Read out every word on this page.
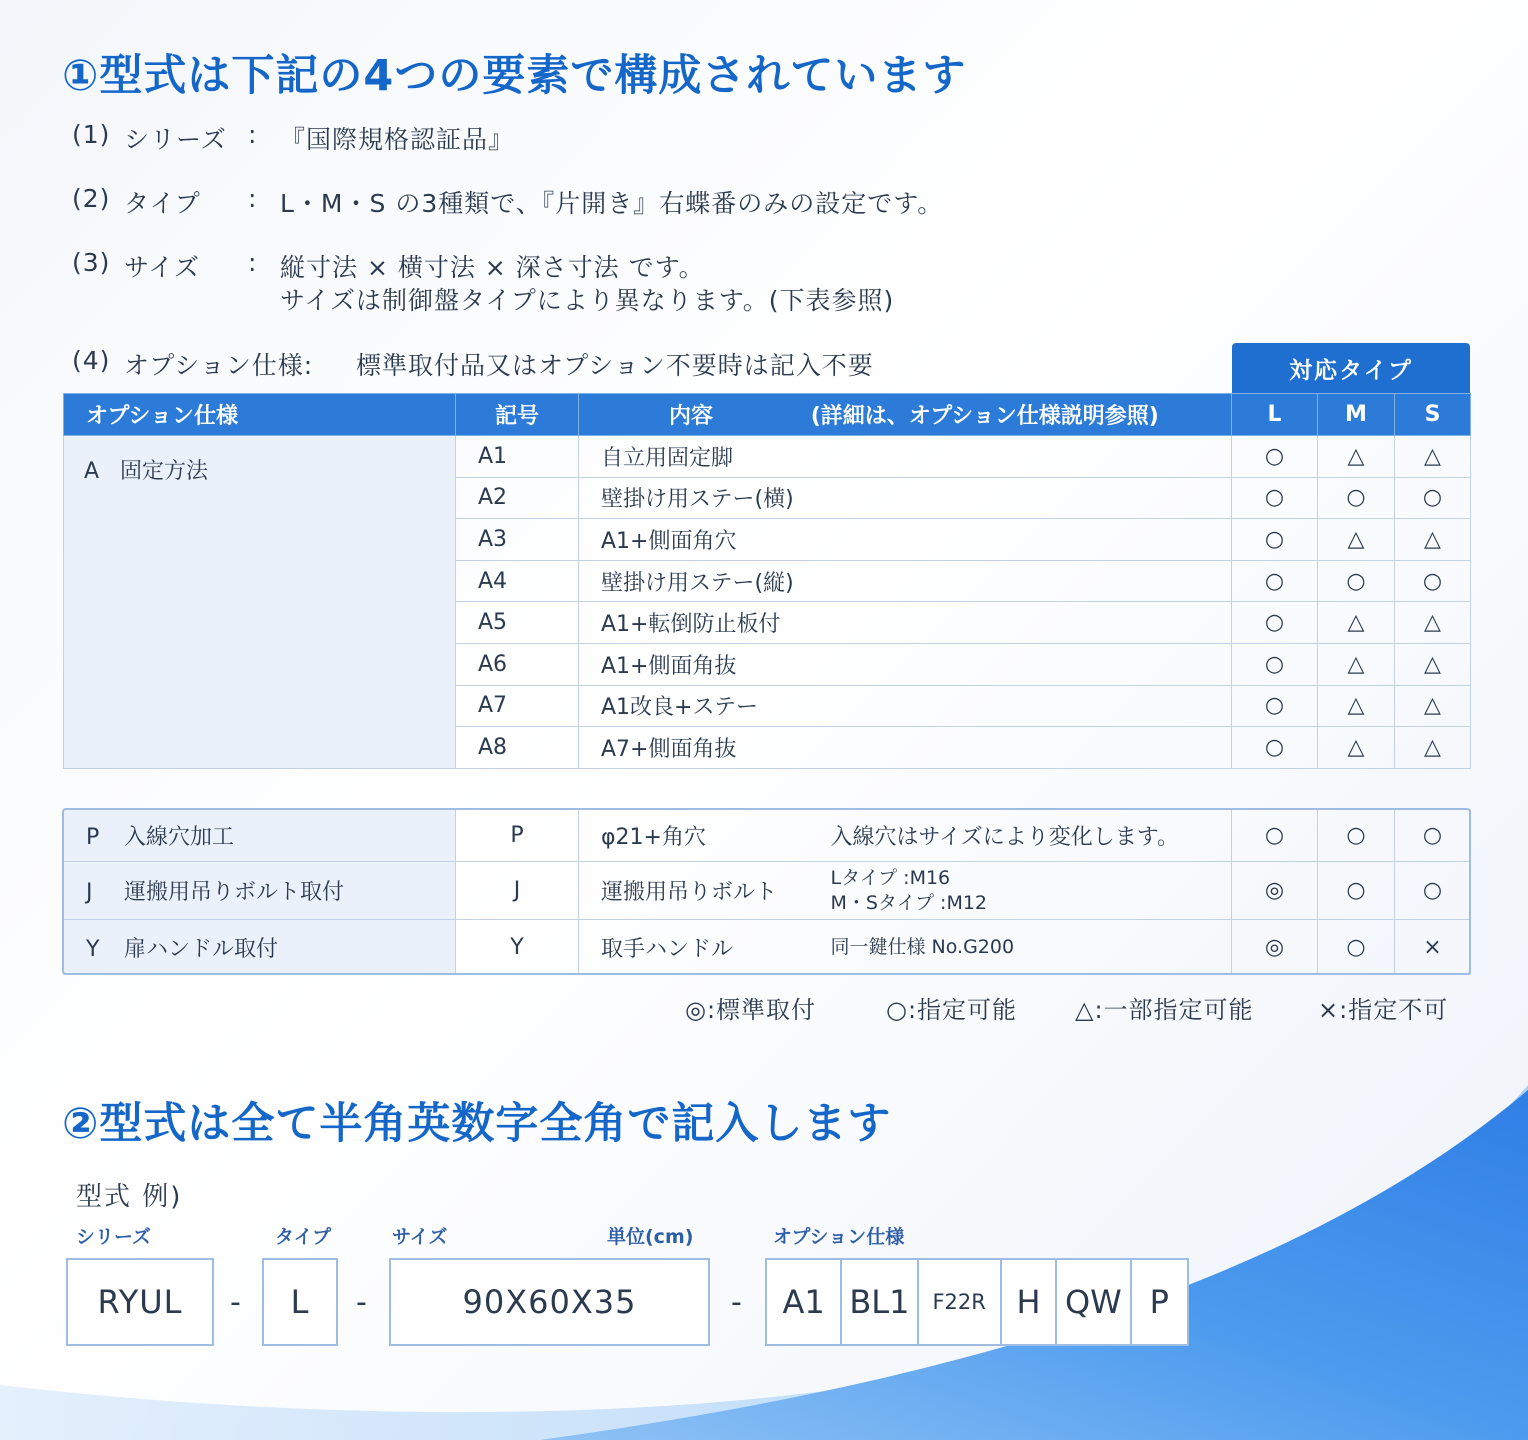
①型式は下記の4つの要素で構成されています
(1) シリーズ : 『国際規格認証品』
(2) タイプ : L・M・S の3種類で、『片開き』右蝶番のみの設定です。
(3) サイズ : 縦寸法 × 横寸法 × 深さ寸法 です。
サイズは制御盤タイプにより異なります。(下表参照)
(4) オプション仕様: 標準取付品又はオプション不要時は記入不要	対応タイプ
オプション仕様	記号	内容 (詳細は、オプション仕様説明参照)	L	M	S
A 固定方法	A1	自立用固定脚	○	△	△
	A2	壁掛け用ステー(横)	○	○	○
	A3	A1+側面角穴	○	△	△
	A4	壁掛け用ステー(縦)	○	○	○
	A5	A1+転倒防止板付	○	△	△
	A6	A1+側面角抜	○	△	△
	A7	A1改良+ステー	○	△	△
	A8	A7+側面角抜	○	△	△
P 入線穴加工	P	φ21+角穴	入線穴はサイズにより変化します。	○	○	○
J 運搬用吊りボルト取付	J	運搬用吊りボルト	Lタイプ :M16
M・Sタイプ :M12	◎	○	○
Y 扉ハンドル取付	Y	取手ハンドル	同一鍵仕様 No.G200	◎	○	×
◎:標準取付	○:指定可能 △:一部指定可能	×:指定不可
②型式は全て半角英数字全角で記入します
型式 例)
シリーズ	タイプ	サイズ	単位(cm)	オプション仕様
RYUL	-	L	-	90X60X35	-	A1 BL1	F22R H QW P
